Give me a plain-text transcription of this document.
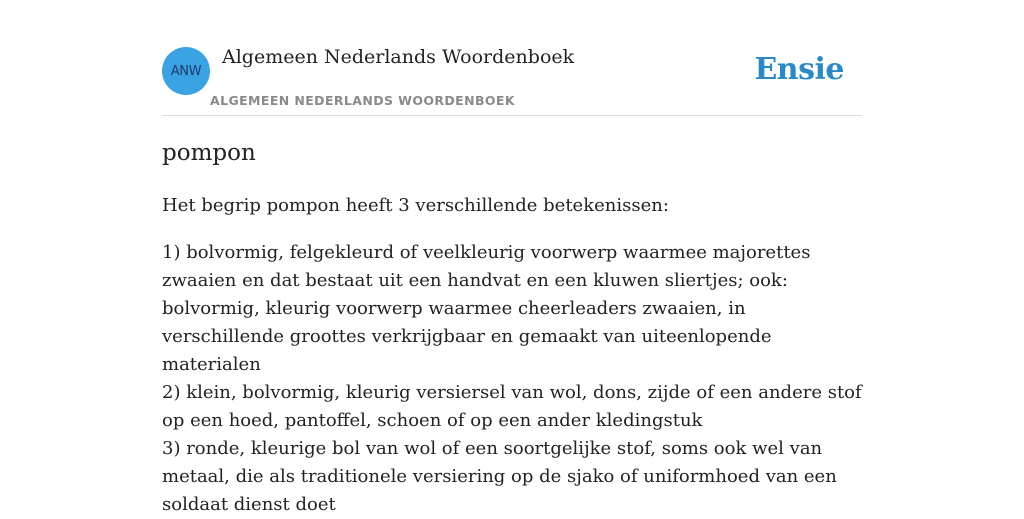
ANW
Algemeen Nederlands Woordenboek
ALGEMEEN NEDERLANDS WOORDENBOEK
Ensie
pompon
Het begrip pompon heeft 3 verschillende betekenissen:
1) bolvormig, felgekleurd of veelkleurig voorwerp waarmee majorettes zwaaien en dat bestaat uit een handvat en een kluwen sliertjes; ook: bolvormig, kleurig voorwerp waarmee cheerleaders zwaaien, in verschillende groottes verkrijgbaar en gemaakt van uiteenlopende materialen
2) klein, bolvormig, kleurig versiersel van wol, dons, zijde of een andere stof op een hoed, pantoffel, schoen of op een ander kledingstuk
3) ronde, kleurige bol van wol of een soortgelijke stof, soms ook wel van metaal, die als traditionele versiering op de sjako of uniformhoed van een soldaat dienst doet
